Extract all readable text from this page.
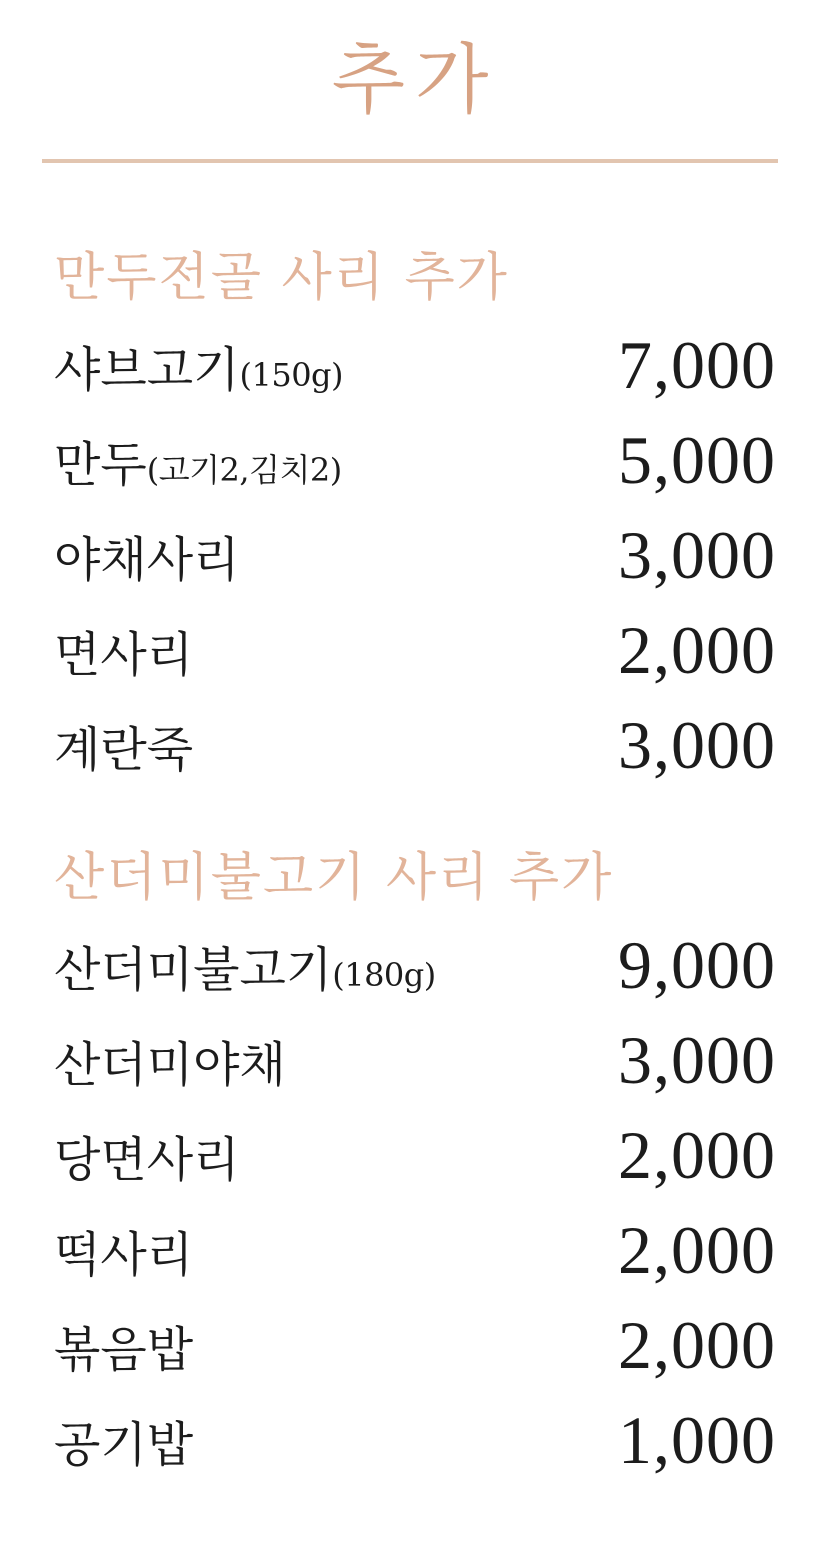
추가
만두전골 사리 추가
샤브고기(150g)	7,000
만두(고기2,김치2)	5,000
야채사리	3,000
면사리	2,000
계란죽	3,000
산더미불고기 사리 추가
산더미불고기(180g)	9,000
산더미야채	3,000
당면사리	2,000
떡사리	2,000
볶음밥	2,000
공기밥	1,000
